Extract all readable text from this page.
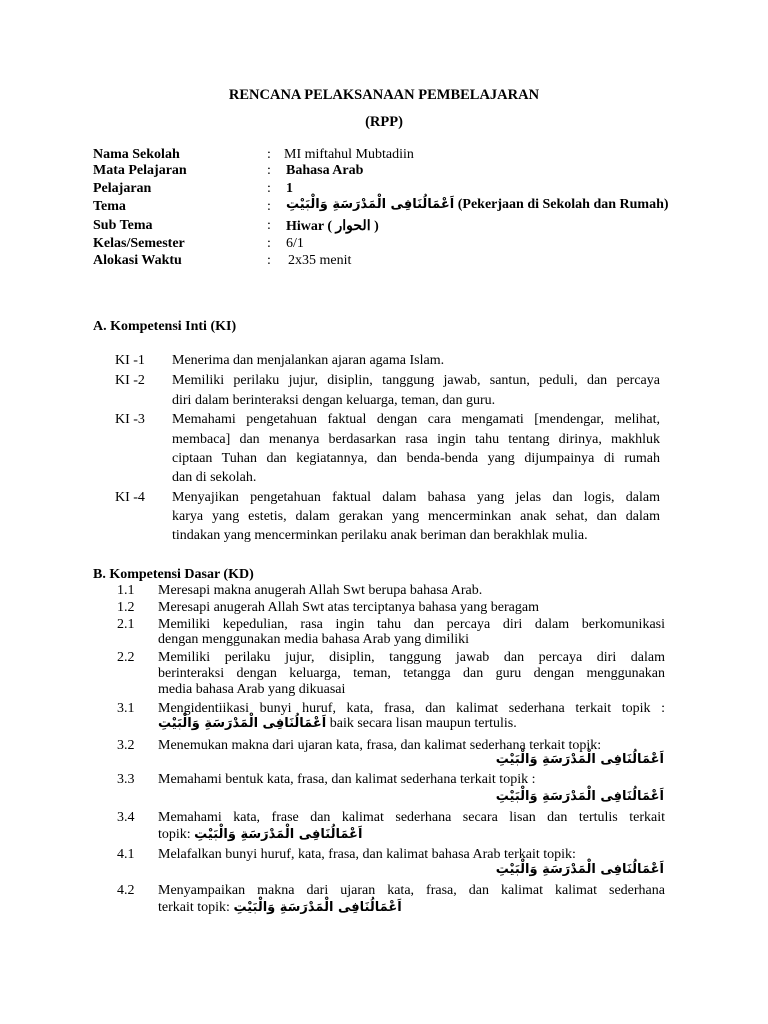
RENCANA PELAKSANAAN PEMBELAJARAN
(RPP)
Nama Sekolah	: MI miftahul Mubtadiin
Mata Pelajaran	: Bahasa Arab
Pelajaran	: 1
Tema	: اَعْمَالُنَافِى الْمَدْرَسَةِ وَالْبَيْتِ (Pekerjaan di Sekolah dan Rumah)
Sub Tema	: Hiwar ( الحوار )
Kelas/Semester	: 6/1
Alokasi Waktu	: 2x35 menit
A. Kompetensi Inti (KI)
KI -1 Menerima dan menjalankan ajaran agama Islam.
KI -2 Memiliki perilaku jujur, disiplin, tanggung jawab, santun, peduli, dan percaya
diri dalam berinteraksi dengan keluarga, teman, dan guru.
KI -3 Memahami pengetahuan faktual dengan cara mengamati [mendengar, melihat,
membaca] dan menanya berdasarkan rasa ingin tahu tentang dirinya, makhluk
ciptaan Tuhan dan kegiatannya, dan benda-benda yang dijumpainya di rumah
dan di sekolah.
KI -4 Menyajikan pengetahuan faktual dalam bahasa yang jelas dan logis, dalam
karya yang estetis, dalam gerakan yang mencerminkan anak sehat, dan dalam
tindakan yang mencerminkan perilaku anak beriman dan berakhlak mulia.
B. Kompetensi Dasar (KD)
1.1 Meresapi makna anugerah Allah Swt berupa bahasa Arab.
1.2 Meresapi anugerah Allah Swt atas terciptanya bahasa yang beragam
2.1 Memiliki kepedulian, rasa ingin tahu dan percaya diri dalam berkomunikasi
dengan menggunakan media bahasa Arab yang dimiliki
2.2 Memiliki perilaku jujur, disiplin, tanggung jawab dan percaya diri dalam
berinteraksi dengan keluarga, teman, tetangga dan guru dengan menggunakan
media bahasa Arab yang dikuasai
3.1 Mengidentiikasi bunyi huruf, kata, frasa, dan kalimat sederhana terkait topik :
اَعْمَالُنَافِى الْمَدْرَسَةِ وَالْبَيْتِ baik secara lisan maupun tertulis.
3.2 Menemukan makna dari ujaran kata, frasa, dan kalimat sederhana terkait topik:
اَعْمَالُنَافِى الْمَدْرَسَةِ وَالْبَيْتِ
3.3 Memahami bentuk kata, frasa, dan kalimat sederhana terkait topik :
اَعْمَالُنَافِى الْمَدْرَسَةِ وَالْبَيْتِ
3.4 Memahami kata, frase dan kalimat sederhana secara lisan dan tertulis terkait
topik: اَعْمَالُنَافِى الْمَدْرَسَةِ وَالْبَيْتِ
4.1 Melafalkan bunyi huruf, kata, frasa, dan kalimat bahasa Arab terkait topik:
اَعْمَالُنَافِى الْمَدْرَسَةِ وَالْبَيْتِ
4.2 Menyampaikan makna dari ujaran kata, frasa, dan kalimat kalimat sederhana
terkait topik: اَعْمَالُنَافِى الْمَدْرَسَةِ وَالْبَيْتِ
